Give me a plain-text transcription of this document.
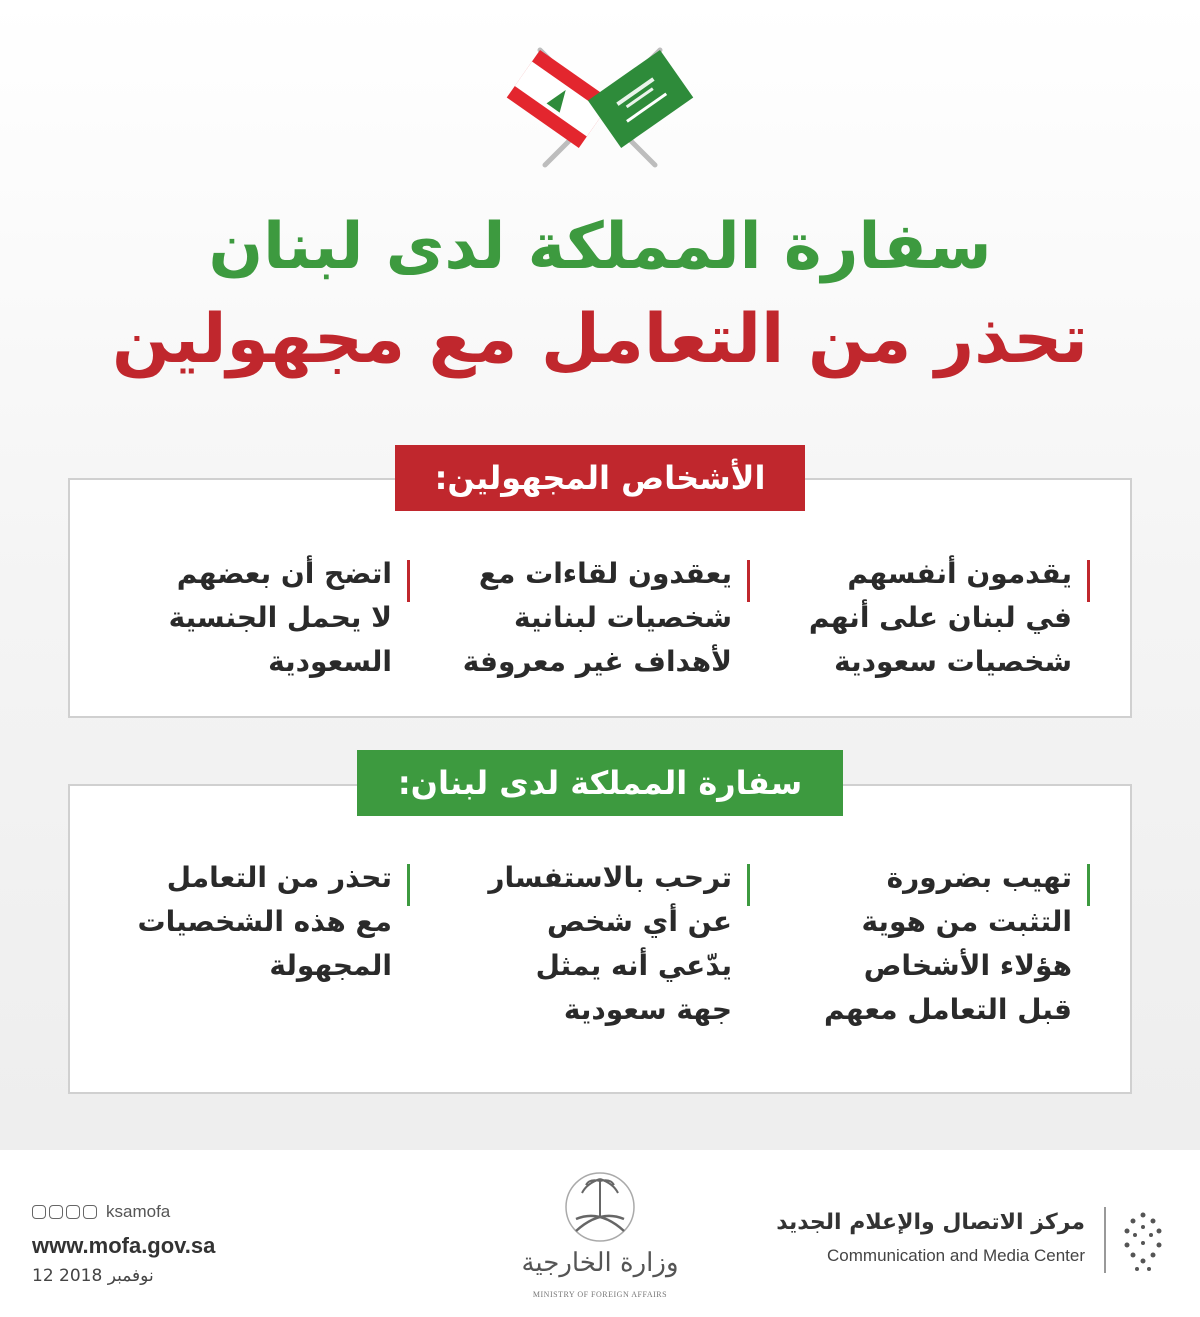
سفارة المملكة لدى لبنان
تحذر من التعامل مع مجهولين
الأشخاص المجهولين:
يقدمون أنفسهم
في لبنان على أنهم
شخصيات سعودية
يعقدون لقاءات مع
شخصيات لبنانية
لأهداف غير معروفة
اتضح أن بعضهم
لا يحمل الجنسية
السعودية
سفارة المملكة لدى لبنان:
تهيب بضرورة
التثبت من هوية
هؤلاء الأشخاص
قبل التعامل معهم
ترحب بالاستفسار
عن أي شخص
يدّعي أنه يمثل
جهة سعودية
تحذر من التعامل
مع هذه الشخصيات
المجهولة
مركز الاتصال والإعلام الجديد
Communication and Media Center
وزارة الخارجية
MINISTRY OF FOREIGN AFFAIRS
ksamofa
www.mofa.gov.sa
12 نوفمبر 2018
